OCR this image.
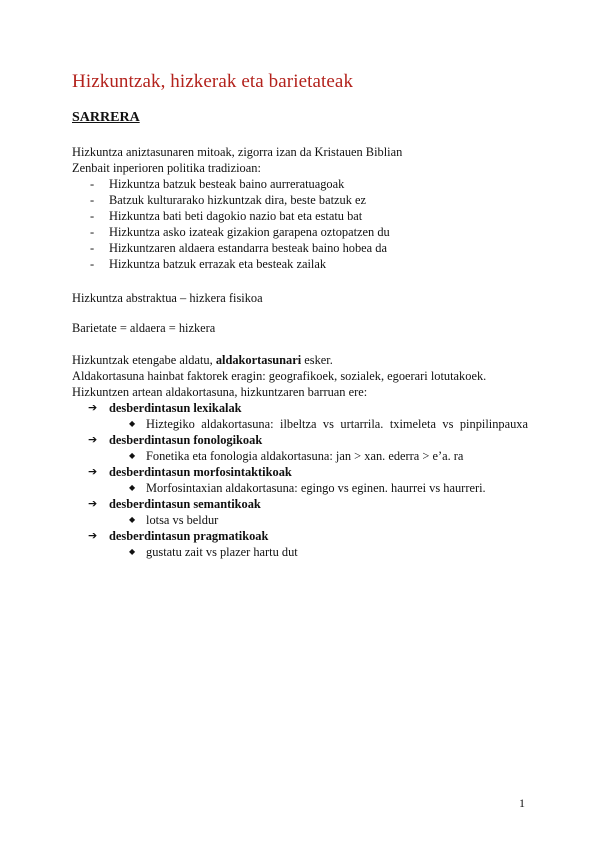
Hizkuntzak, hizkerak eta barietateak
SARRERA

Hizkuntza aniztasunaren mitoak, zigorra izan da Kristauen Biblian

Zenbait inperioren politika tradizioan:

- Hizkuntza batzuk besteak baino aurreratuagoak
- Batzuk kulturarako hizkuntzak dira, beste batzuk ez
- Hizkuntza bati beti dagokio nazio bat eta estatu bat
- Hizkuntza asko izateak gizakion garapena oztopatzen du
- Hizkuntzaren aldaera estandarra besteak baino hobea da
- Hizkuntza batzuk errazak eta besteak zailak
Hizkuntza abstraktua – hizkera fisikoa
Barietate = aldaera = hizkera

Hizkuntzak etengabe aldatu, aldakortasunari esker.

Aldakortasuna hainbat faktorek eragin: geografikoek, sozialek, egoerari lotutakoek.

Hizkuntzen artean aldakortasuna, hizkuntzaren barruan ere:

➔ desberdintasun lexikalak
◆ Hiztegiko aldakortasuna: ilbeltza vs urtarrila. tximeleta vs pinpilinpauxa
➔ desberdintasun fonologikoak
◆ Fonetika eta fonologia aldakortasuna: jan > xan. ederra > e’a. ra
➔ desberdintasun morfosintaktikoak
◆ Morfosintaxian aldakortasuna: egingo vs eginen. haurrei vs haurreri.
➔ desberdintasun semantikoak
◆ lotsa vs beldur
➔ desberdintasun pragmatikoak
◆ gustatu zait vs plazer hartu dut
1
